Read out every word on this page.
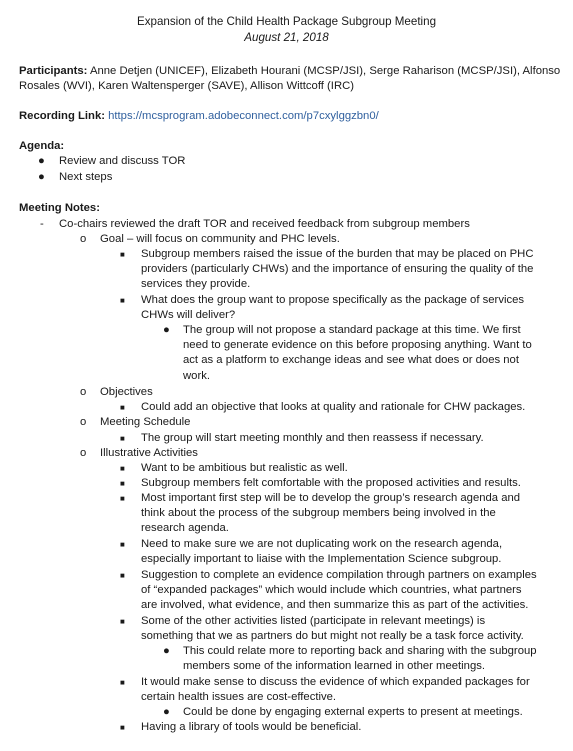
Expansion of the Child Health Package Subgroup Meeting
August 21, 2018
Participants: Anne Detjen (UNICEF), Elizabeth Hourani (MCSP/JSI), Serge Raharison (MCSP/JSI), Alfonso
Rosales (WVI), Karen Waltensperger (SAVE), Allison Wittcoff (IRC)
Recording Link: https://mcsprogram.adobeconnect.com/p7cxylggzbn0/
Agenda:
● Review and discuss TOR
● Next steps
Meeting Notes:
- Co-chairs reviewed the draft TOR and received feedback from subgroup members
o Goal – will focus on community and PHC levels.
■ Subgroup members raised the issue of the burden that may be placed on PHC
providers (particularly CHWs) and the importance of ensuring the quality of the
services they provide.
■ What does the group want to propose specifically as the package of services
CHWs will deliver?
● The group will not propose a standard package at this time. We first
need to generate evidence on this before proposing anything. Want to
act as a platform to exchange ideas and see what does or does not
work.
o Objectives
■ Could add an objective that looks at quality and rationale for CHW packages.
o Meeting Schedule
■ The group will start meeting monthly and then reassess if necessary.
o Illustrative Activities
■ Want to be ambitious but realistic as well.
■ Subgroup members felt comfortable with the proposed activities and results.
■ Most important first step will be to develop the group’s research agenda and
think about the process of the subgroup members being involved in the
research agenda.
■ Need to make sure we are not duplicating work on the research agenda,
especially important to liaise with the Implementation Science subgroup.
■ Suggestion to complete an evidence compilation through partners on examples
of “expanded packages” which would include which countries, what partners
are involved, what evidence, and then summarize this as part of the activities.
■ Some of the other activities listed (participate in relevant meetings) is
something that we as partners do but might not really be a task force activity.
● This could relate more to reporting back and sharing with the subgroup
members some of the information learned in other meetings.
■ It would make sense to discuss the evidence of which expanded packages for
certain health issues are cost-effective.
● Could be done by engaging external experts to present at meetings.
■ Having a library of tools would be beneficial.
